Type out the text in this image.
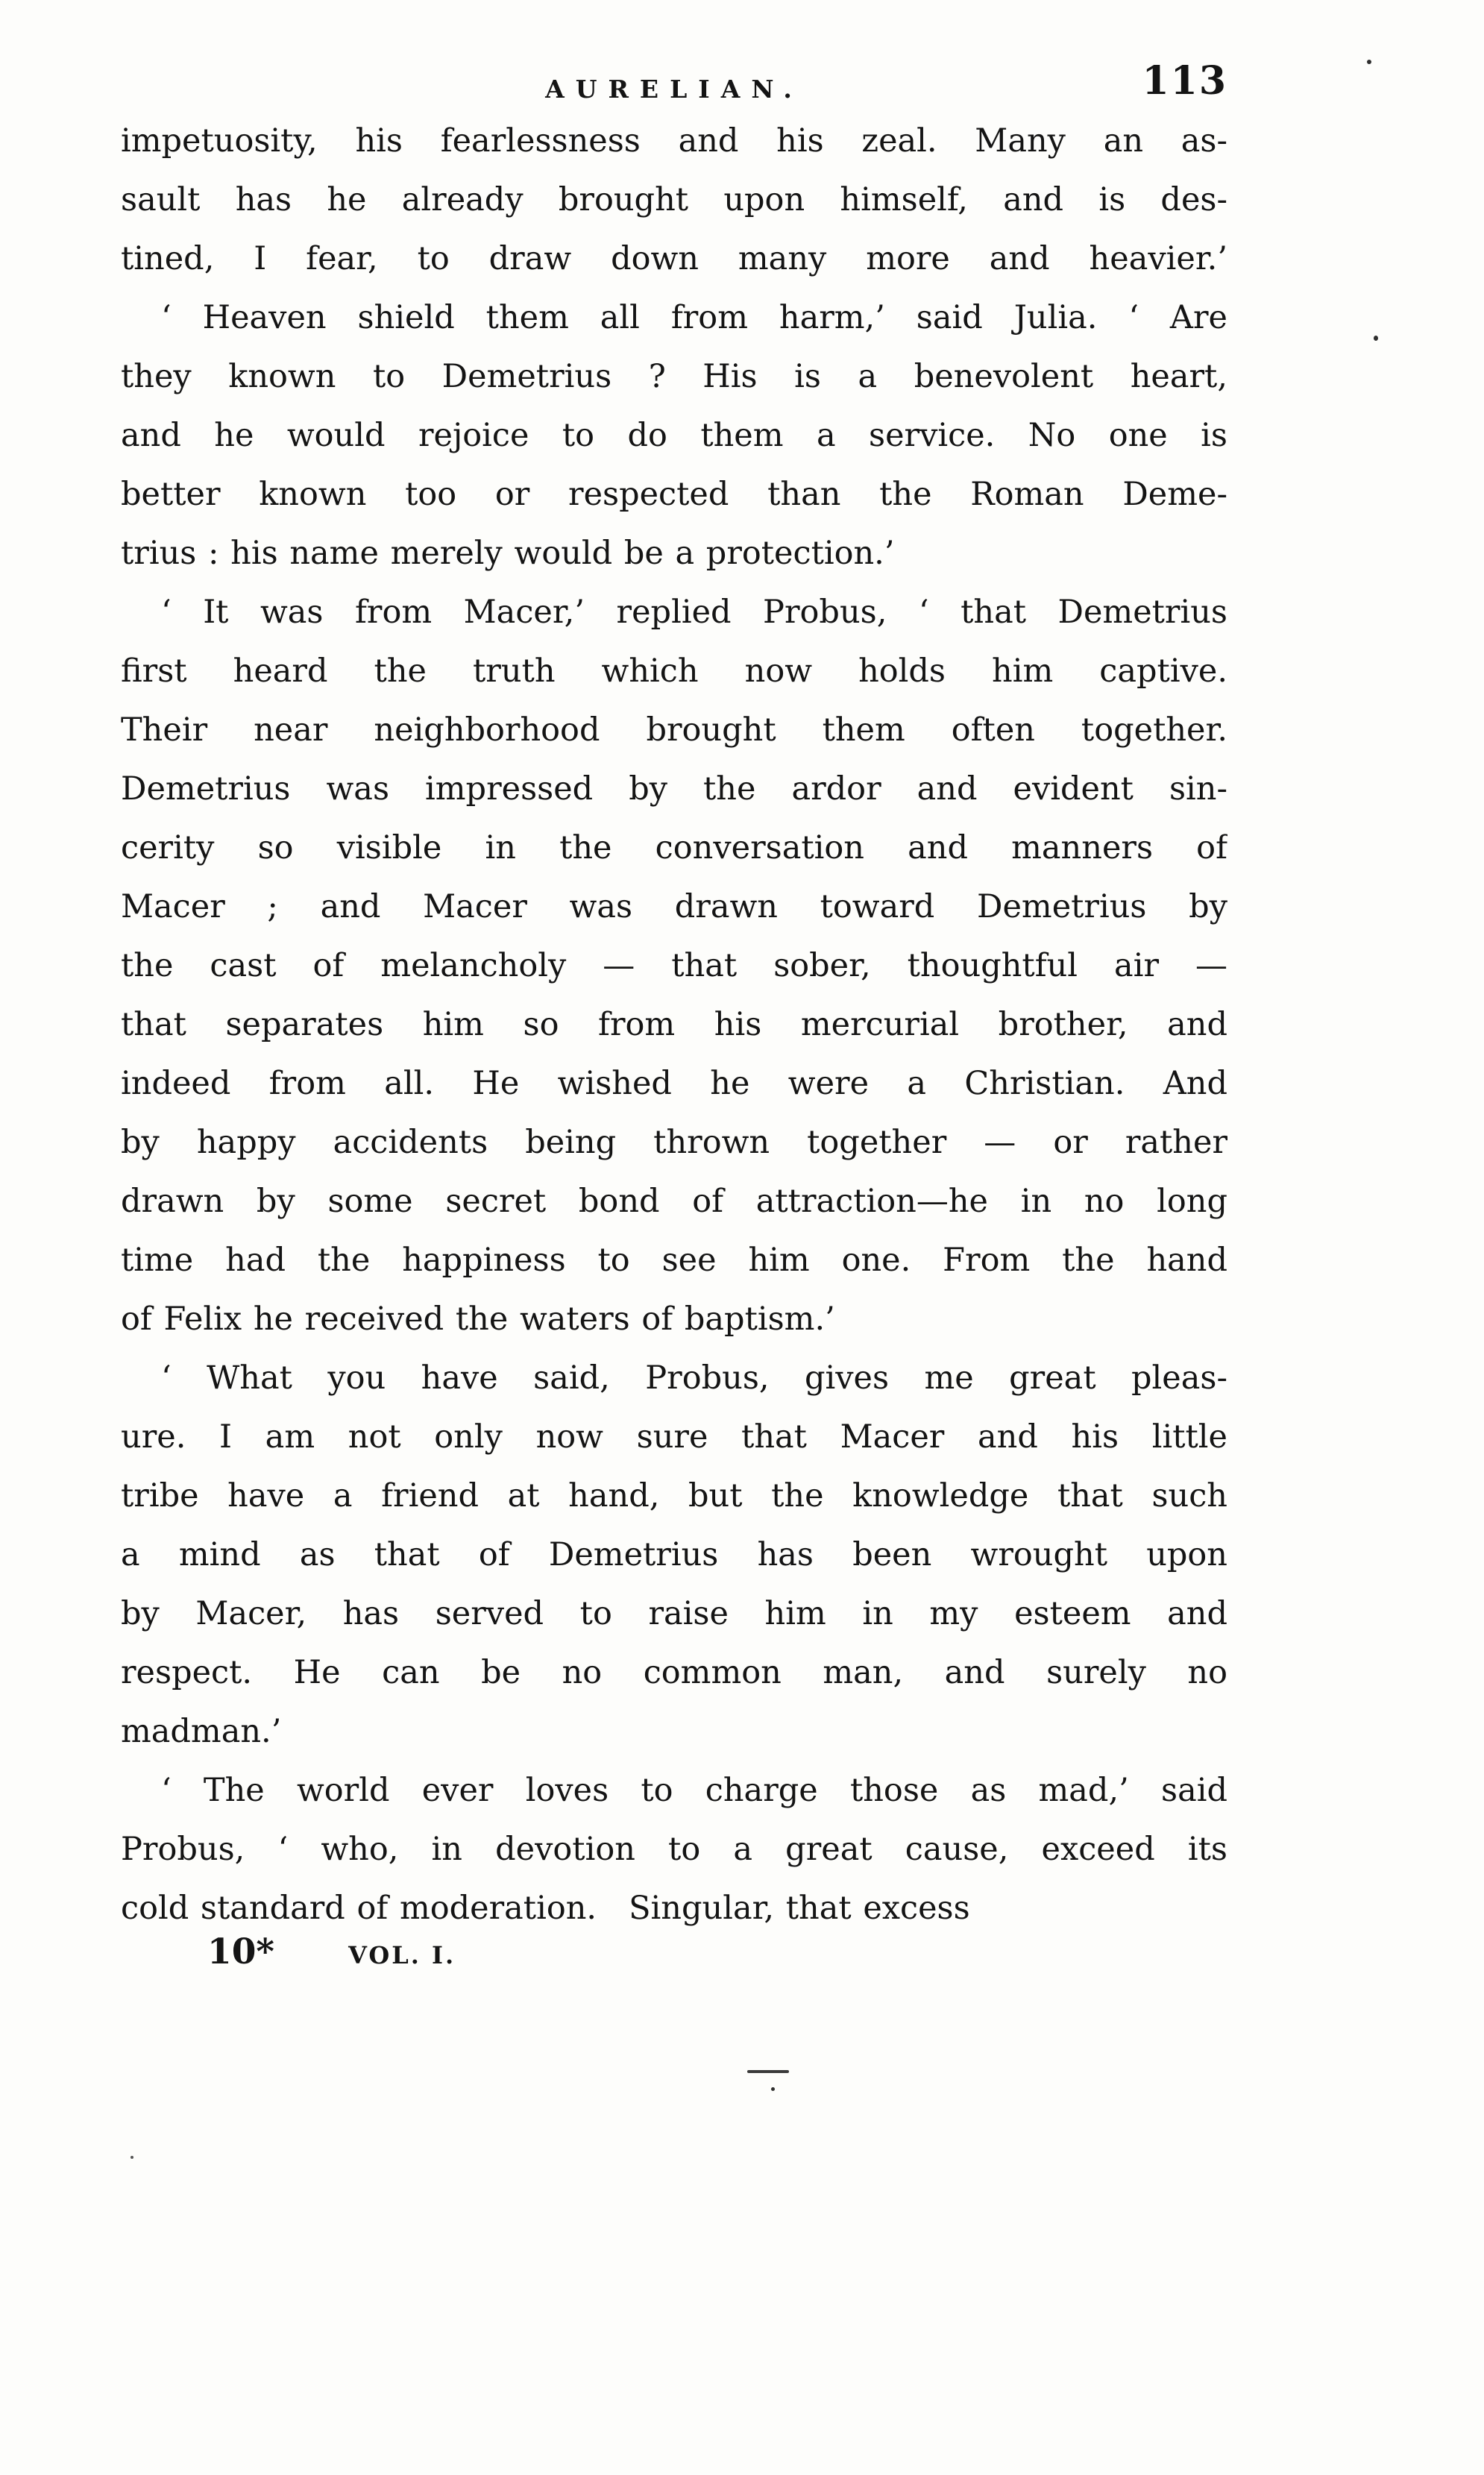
AURELIAN.	113
impetuosity, his fearlessness and his zeal. Many an as-
sault has he already brought upon himself, and is des-
tined, I fear, to draw down many more and heavier.’
‘ Heaven shield them all from harm,’ said Julia. ‘ Are
they known to Demetrius ? His is a benevolent heart,
and he would rejoice to do them a service. No one is
better known too or respected than the Roman Deme-
trius : his name merely would be a protection.’
‘ It was from Macer,’ replied Probus, ‘ that Demetrius
first heard the truth which now holds him captive.
Their near neighborhood brought them often together.
Demetrius was impressed by the ardor and evident sin-
cerity so visible in the conversation and manners of
Macer ; and Macer was drawn toward Demetrius by
the cast of melancholy — that sober, thoughtful air —
that separates him so from his mercurial brother, and
indeed from all. He wished he were a Christian. And
by happy accidents being thrown together — or rather
drawn by some secret bond of attraction—he in no long
time had the happiness to see him one. From the hand
of Felix he received the waters of baptism.’
‘ What you have said, Probus, gives me great pleas-
ure. I am not only now sure that Macer and his little
tribe have a friend at hand, but the knowledge that such
a mind as that of Demetrius has been wrought upon
by Macer, has served to raise him in my esteem and
respect. He can be no common man, and surely no
madman.’
‘ The world ever loves to charge those as mad,’ said
Probus, ‘ who, in devotion to a great cause, exceed its
cold standard of moderation. Singular, that excess
10*	VOL. I.
